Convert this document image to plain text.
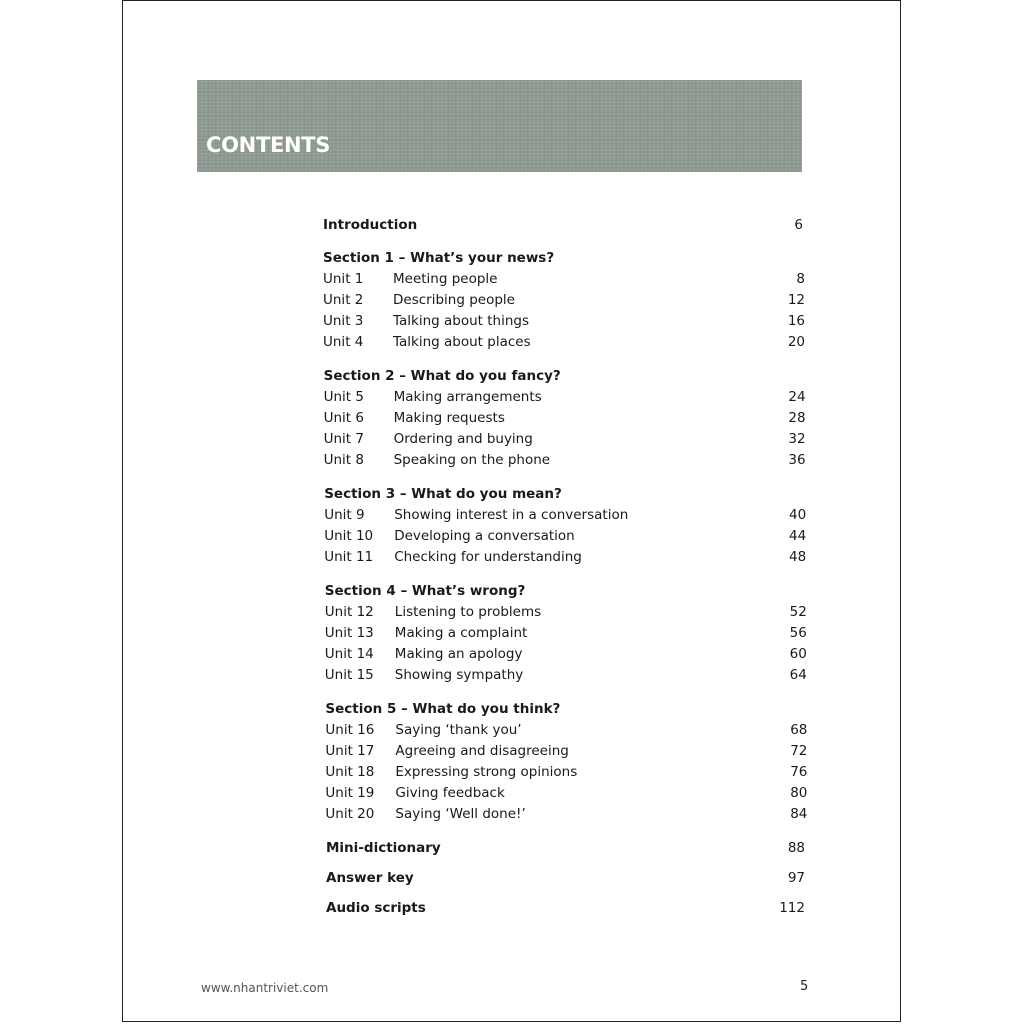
CONTENTS
Introduction	6
Section 1 – What’s your news?
Unit 1 Meeting people	8
Unit 2 Describing people	12
Unit 3 Talking about things	16
Unit 4 Talking about places	20
Section 2 – What do you fancy?
Unit 5 Making arrangements	24
Unit 6 Making requests	28
Unit 7 Ordering and buying	32
Unit 8 Speaking on the phone	36
Section 3 – What do you mean?
Unit 9 Showing interest in a conversation	40
Unit 10 Developing a conversation	44
Unit 11 Checking for understanding	48
Section 4 – What’s wrong?
Unit 12 Listening to problems	52
Unit 13 Making a complaint	56
Unit 14 Making an apology	60
Unit 15 Showing sympathy	64
Section 5 – What do you think?
Unit 16 Saying ‘thank you’	68
Unit 17 Agreeing and disagreeing	72
Unit 18 Expressing strong opinions	76
Unit 19 Giving feedback	80
Unit 20 Saying ‘Well done!’	84
Mini-dictionary	88
Answer key	97
Audio scripts	112
www.nhantriviet.com	5
